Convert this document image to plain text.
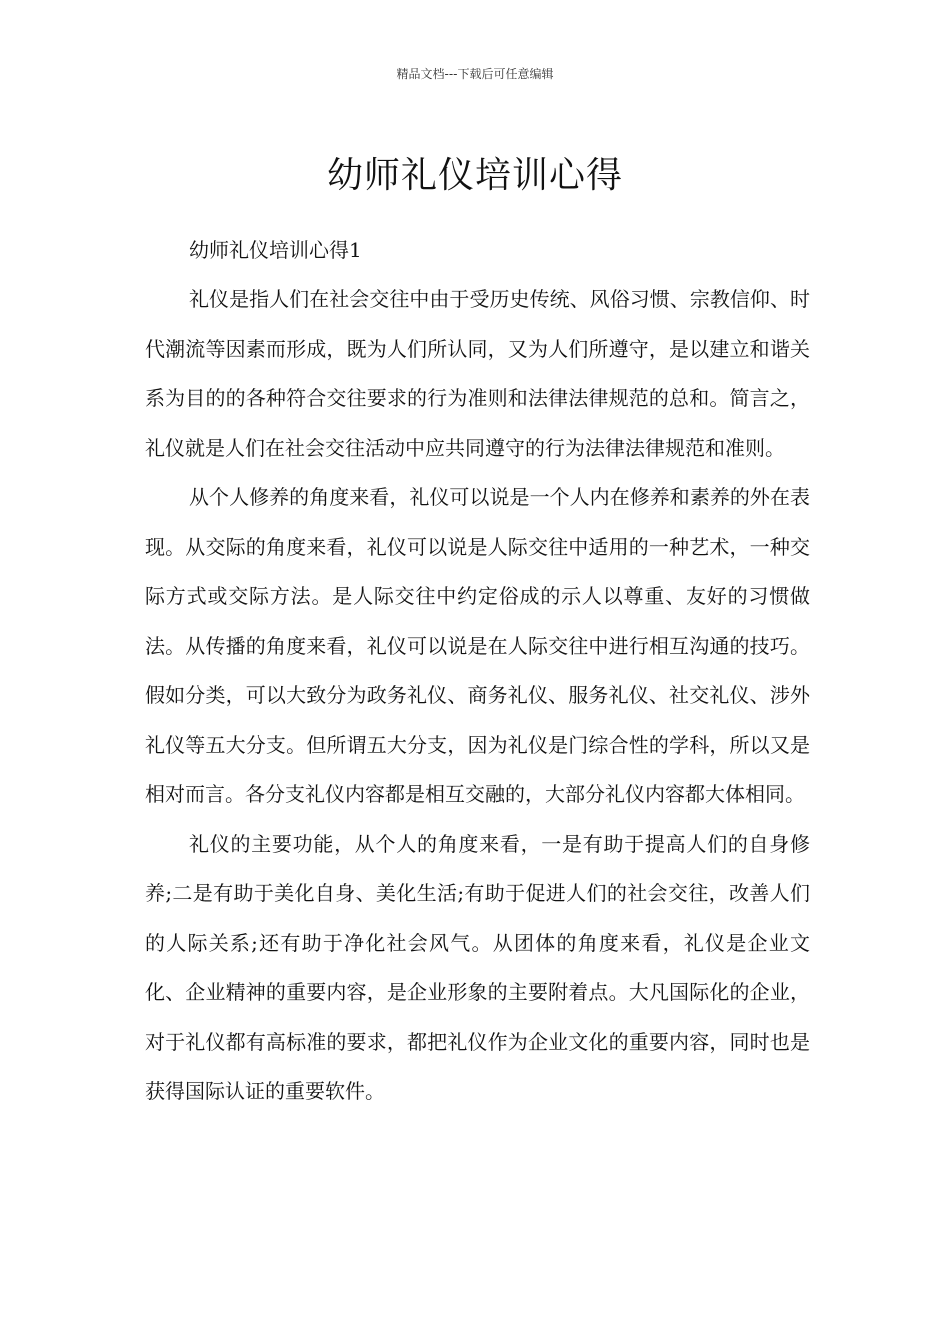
精品文档---下载后可任意编辑
幼师礼仪培训心得

幼师礼仪培训心得1

礼仪是指人们在社会交往中由于受历史传统、风俗习惯、宗教信仰、时代潮流等因素而形成，既为人们所认同，又为人们所遵守，是以建立和谐关系为目的的各种符合交往要求的行为准则和法律法律规范的总和。简言之，礼仪就是人们在社会交往活动中应共同遵守的行为法律法律规范和准则。

从个人修养的角度来看，礼仪可以说是一个人内在修养和素养的外在表现。从交际的角度来看，礼仪可以说是人际交往中适用的一种艺术，一种交际方式或交际方法。是人际交往中约定俗成的示人以尊重、友好的习惯做法。从传播的角度来看，礼仪可以说是在人际交往中进行相互沟通的技巧。假如分类，可以大致分为政务礼仪、商务礼仪、服务礼仪、社交礼仪、涉外礼仪等五大分支。但所谓五大分支，因为礼仪是门综合性的学科，所以又是相对而言。各分支礼仪内容都是相互交融的，大部分礼仪内容都大体相同。

礼仪的主要功能，从个人的角度来看，一是有助于提高人们的自身修养;二是有助于美化自身、美化生活;有助于促进人们的社会交往，改善人们的人际关系;还有助于净化社会风气。从团体的角度来看，礼仪是企业文化、企业精神的重要内容，是企业形象的主要附着点。大凡国际化的企业，对于礼仪都有高标准的要求，都把礼仪作为企业文化的重要内容，同时也是获得国际认证的重要软件。
